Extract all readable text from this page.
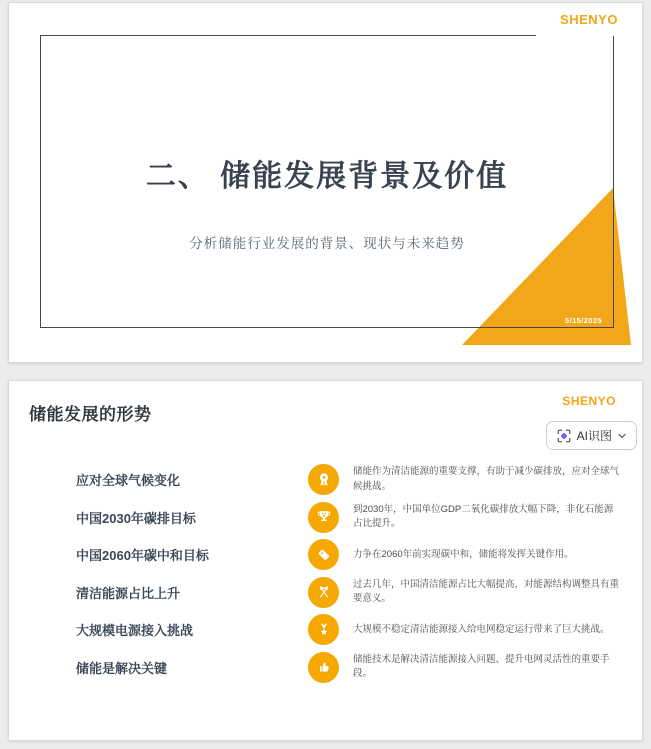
SHENYO
二、 储能发展背景及价值
分析储能行业发展的背景、现状与未来趋势
5/15/2025
储能发展的形势
SHENYO
AI识图
应对全球气候变化
储能作为清洁能源的重要支撑，有助于减少碳排放，应对全球气候挑战。
中国2030年碳排目标
到2030年，中国单位GDP二氧化碳排放大幅下降，非化石能源占比提升。
中国2060年碳中和目标	力争在2060年前实现碳中和，储能将发挥关键作用。
清洁能源占比上升
过去几年，中国清洁能源占比大幅提高，对能源结构调整具有重要意义。
大规模电源接入挑战	大规模不稳定清洁能源接入给电网稳定运行带来了巨大挑战。
储能是解决关键
储能技术是解决清洁能源接入问题、提升电网灵活性的重要手段。
